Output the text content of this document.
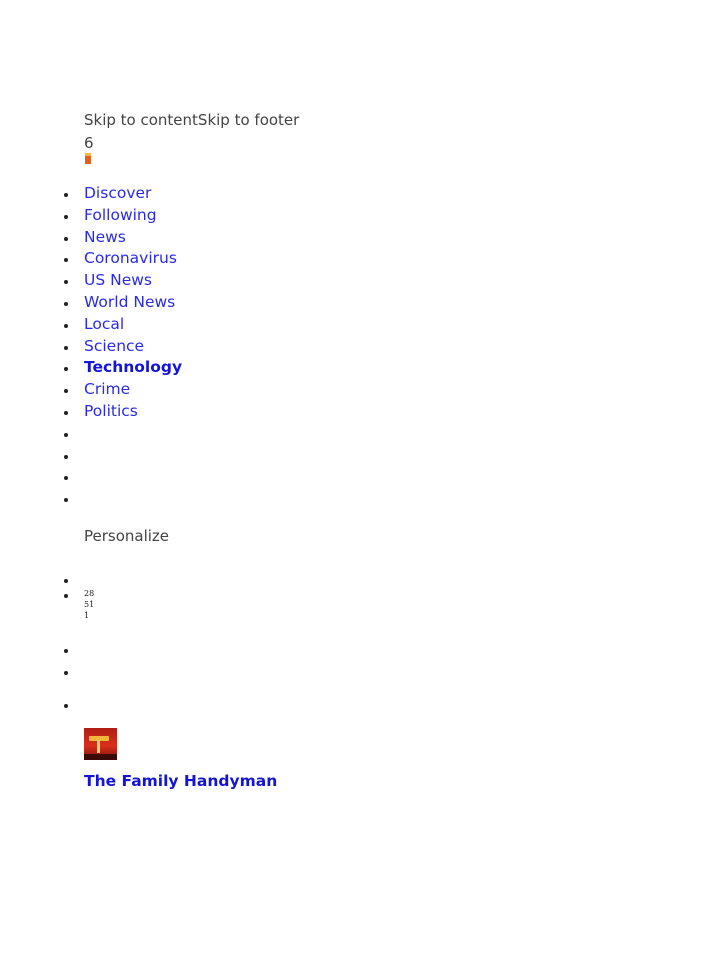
Skip to contentSkip to footer
6
Discover
Following
News
Coronavirus
US News
World News
Local
Science
Technology
Crime
Politics
Personalize
28
51
1
The Family Handyman
